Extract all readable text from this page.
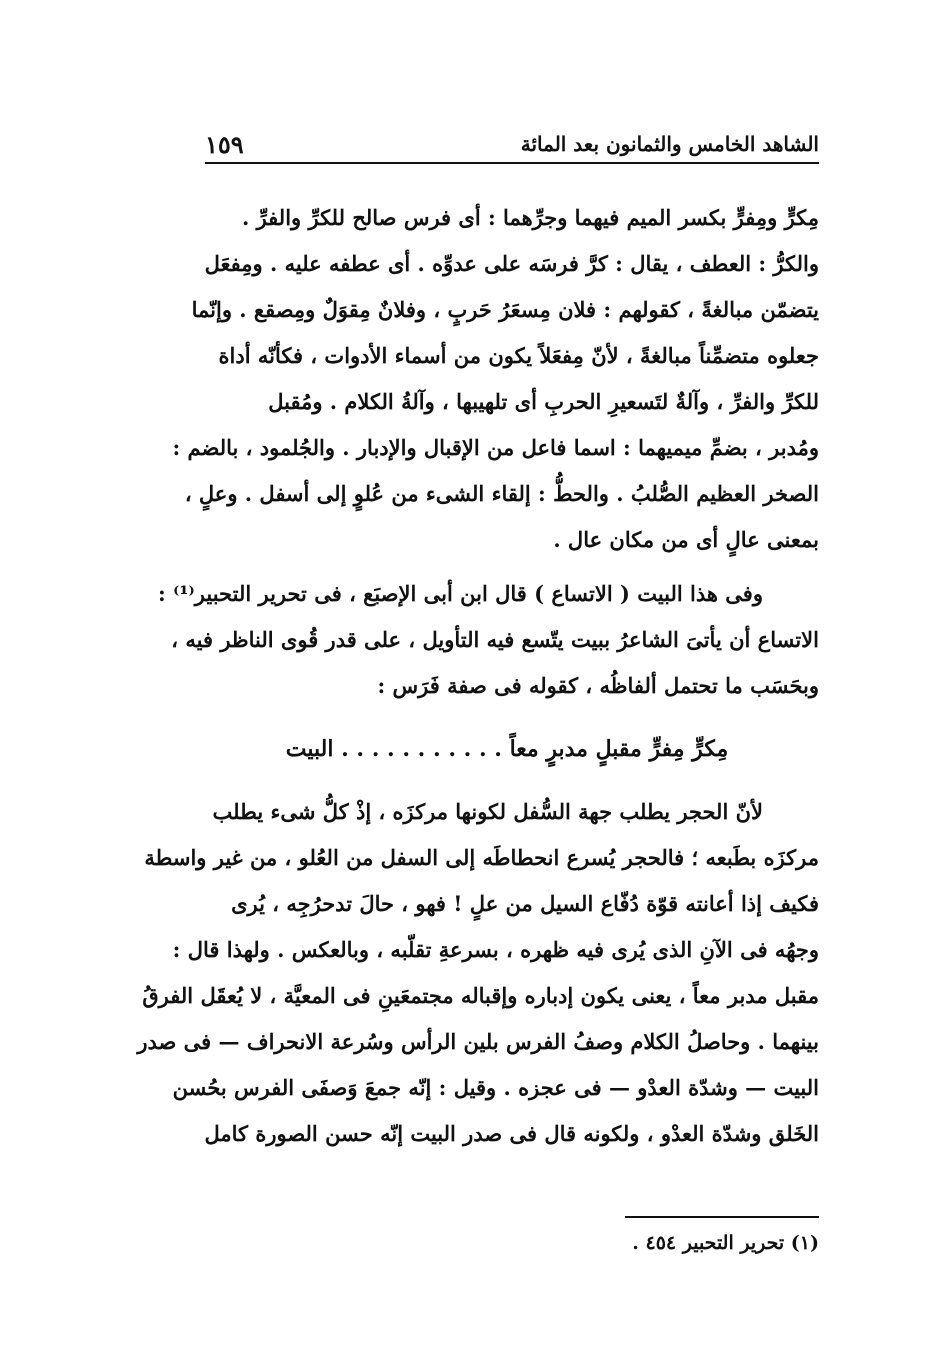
الشاهد الخامس والثمانون بعد المائة
١٥٩
مِكرٍّ ومِفرٍّ بكسر الميم فيهما وجرِّهما : أى فرس صالح للكرِّ والفرِّ .
والكرُّ : العطف ، يقال : كرَّ فرسَه على عدوِّه . أى عطفه عليه . ومِفعَل
يتضمّن مبالغةً ، كقولهم : فلان مِسعَرُ حَربٍ ، وفلانٌ مِقوَلٌ ومِصقع . وإنّما
جعلوه متضمِّناً مبالغةً ، لأنّ مِفعَلاً يكون من أسماء الأدوات ، فكأنّه أداة
للكرِّ والفرِّ ، وآلةٌ لتَسعيرِ الحربِ أى تلهيبها ، وآلةُ الكلام . ومُقبل
ومُدبر ، بضمِّ ميميهما : اسما فاعل من الإقبال والإدبار . والجُلمود ، بالضم :
الصخر العظيم الصُّلبُ . والحطُّ : إلقاء الشىء من عُلوٍ إلى أسفل . وعلٍ ،
بمعنى عالٍ أى من مكان عال .
وفى هذا البيت ( الاتساع ) قال ابن أبى الإصبَع ، فى تحرير التحبير⁽¹⁾ :
الاتساع أن يأتىَ الشاعرُ ببيت يتّسع فيه التأويل ، على قدر قُوى الناظر فيه ،
وبحَسَب ما تحتمل ألفاظُه ، كقوله فى صفة فَرَس :
مِكرٍّ مِفرٍّ مقبلٍ مدبرٍ معاً . . . . . . . . . . . البيت
لأنّ الحجر يطلب جهة السُّفل لكونها مركزَه ، إذْ كلُّ شىء يطلب
مركزَه بطَبعه ؛ فالحجر يُسرع انحطاطَه إلى السفل من العُلو ، من غير واسطة
فكيف إذا أعانته قوّة دُفّاع السيل من علٍ ! فهو ، حالَ تدحرُجِه ، يُرى
وجهُه فى الآنِ الذى يُرى فيه ظهره ، بسرعةِ تقلّبه ، وبالعكس . ولهذا قال :
مقبل مدبر معاً ، يعنى يكون إدباره وإقباله مجتمعَينِ فى المعيَّة ، لا يُعقَل الفرقُ
بينهما . وحاصلُ الكلام وصفُ الفرس بلين الرأس وسُرعة الانحراف — فى صدر
البيت — وشدّة العدْو — فى عجزه . وقيل : إنّه جمعَ وَصفَى الفرس بحُسن
الخَلق وشدّة العدْو ، ولكونه قال فى صدر البيت إنّه حسن الصورة كامل
(١) تحرير التحبير ٤٥٤ .
